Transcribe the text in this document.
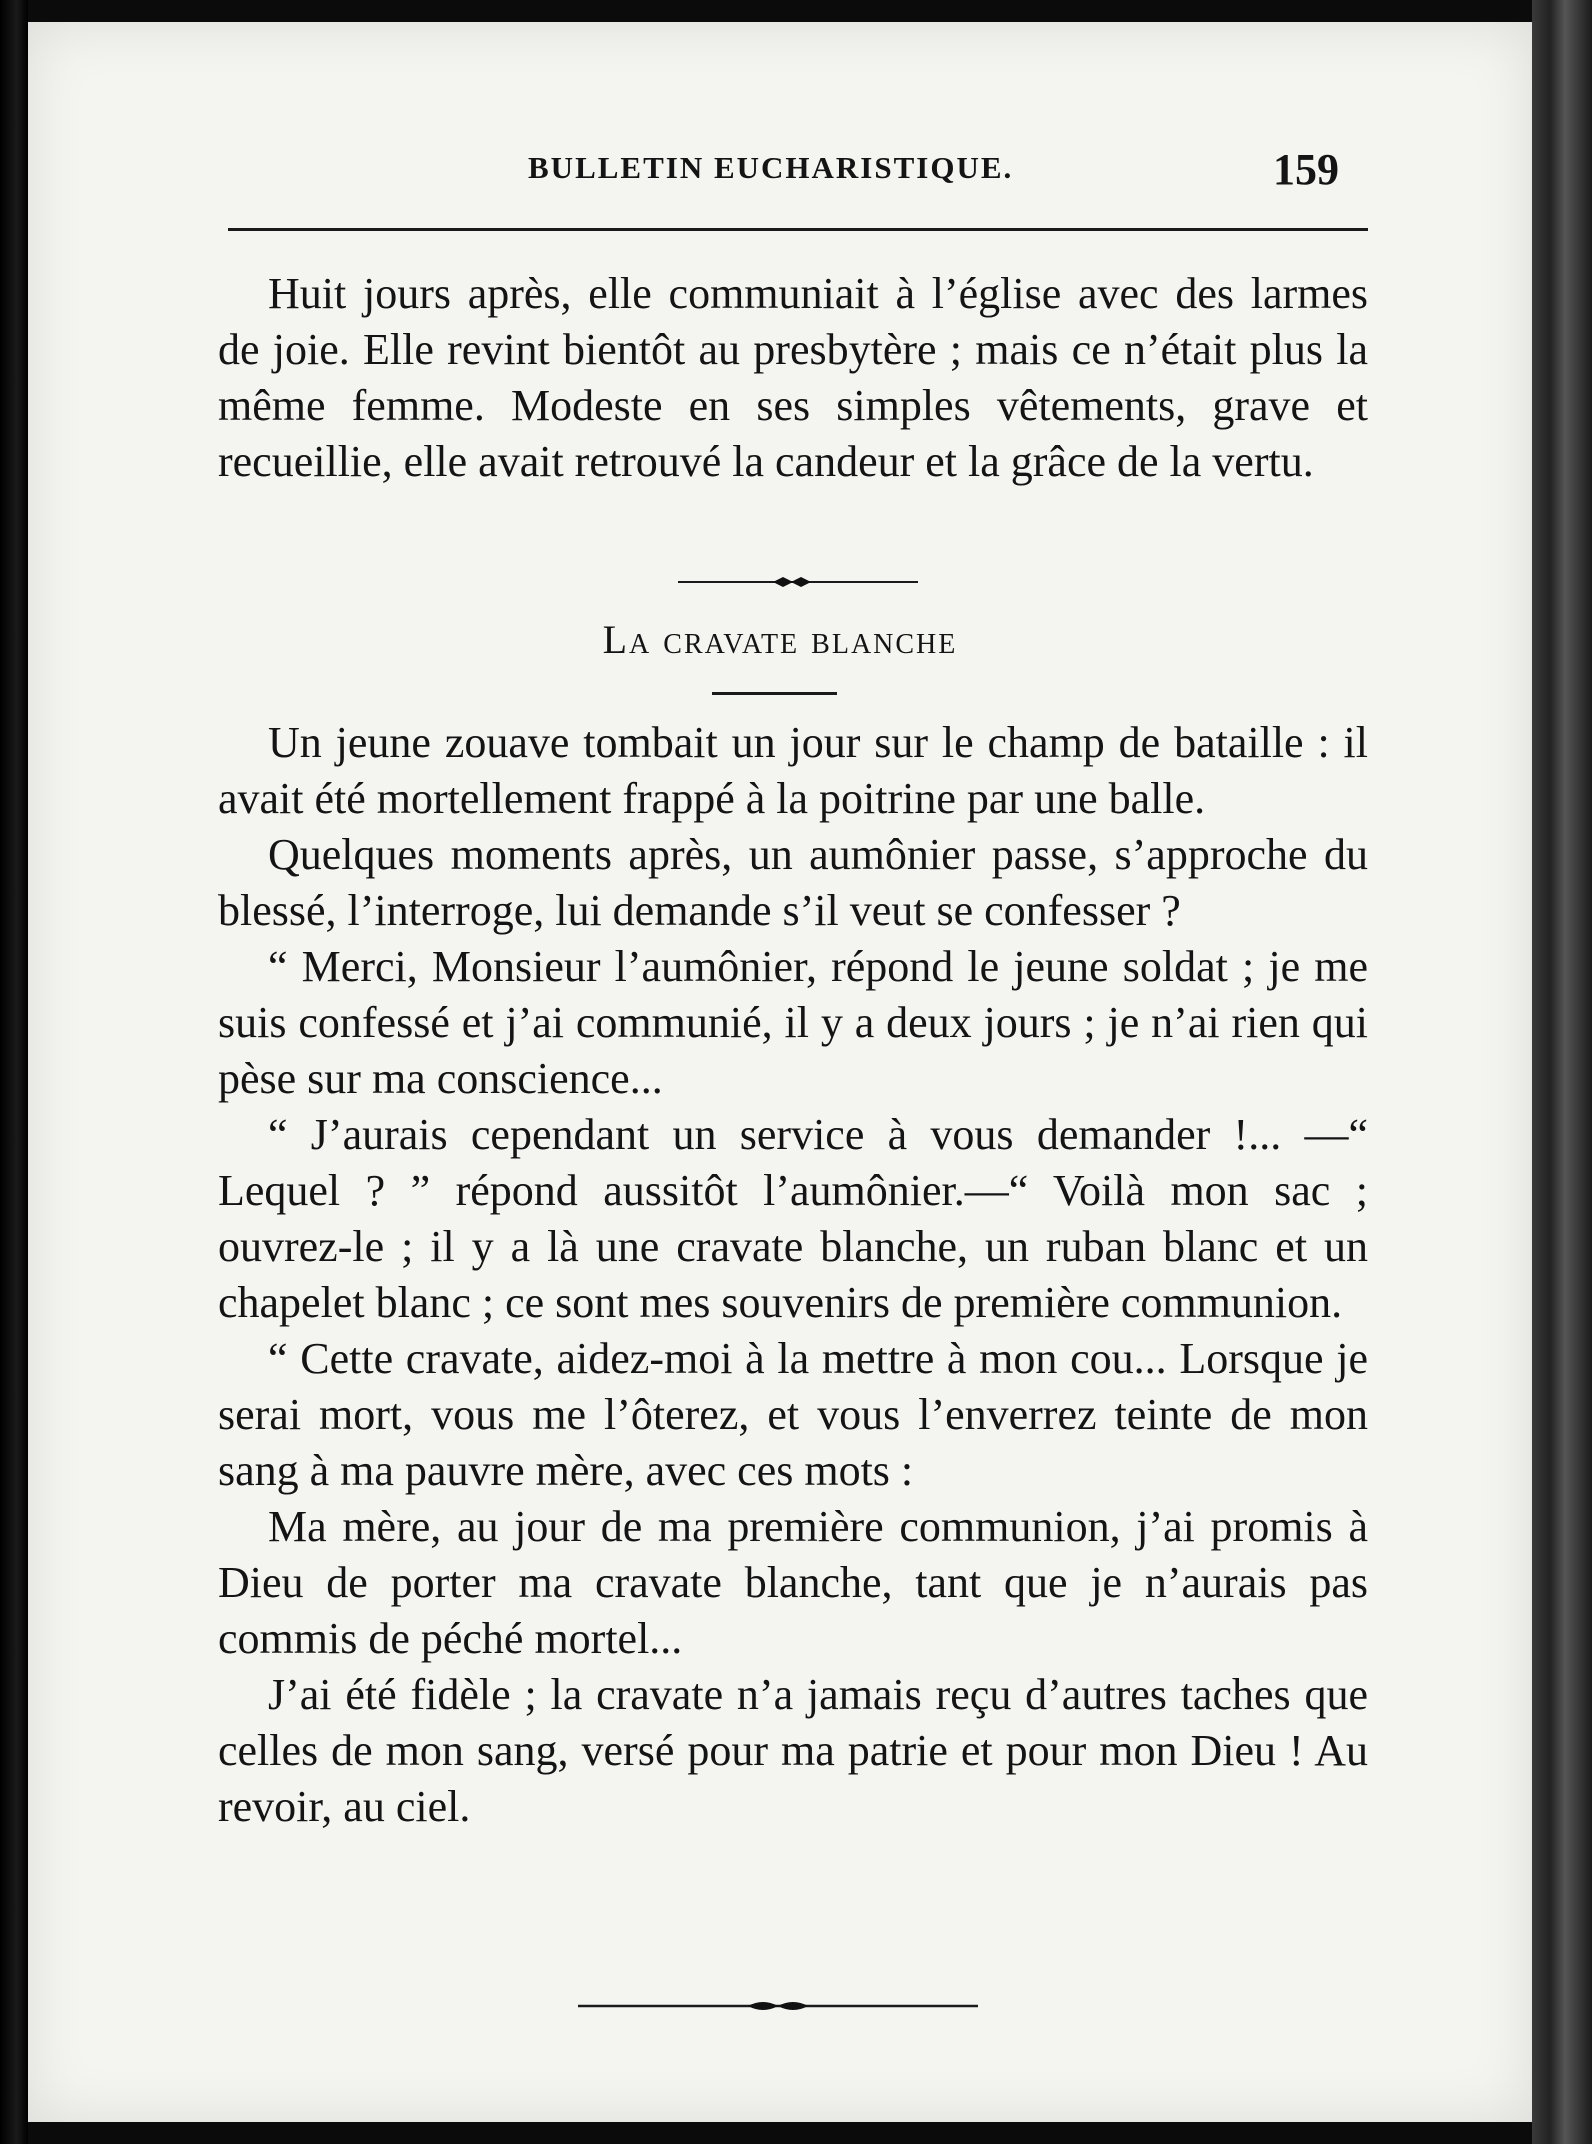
BULLETIN EUCHARISTIQUE.	159

Huit jours après, elle communiait à l’église avec des larmes de joie. Elle revint bientôt au presbytère ; mais ce n’était plus la même femme. Modeste en ses simples vêtements, grave et recueillie, elle avait retrouvé la candeur et la grâce de la vertu.

La cravate blanche

Un jeune zouave tombait un jour sur le champ de bataille : il avait été mortellement frappé à la poitrine par une balle.

Quelques moments après, un aumônier passe, s’approche du blessé, l’interroge, lui demande s’il veut se confesser ?

“ Merci, Monsieur l’aumônier, répond le jeune soldat ; je me suis confessé et j’ai communié, il y a deux jours ; je n’ai rien qui pèse sur ma conscience...

“ J’aurais cependant un service à vous demander !... —“ Lequel ? ” répond aussitôt l’aumônier.—“ Voilà mon sac ; ouvrez-le ; il y a là une cravate blanche, un ruban blanc et un chapelet blanc ; ce sont mes souvenirs de première communion.

“ Cette cravate, aidez-moi à la mettre à mon cou... Lorsque je serai mort, vous me l’ôterez, et vous l’enverrez teinte de mon sang à ma pauvre mère, avec ces mots :

Ma mère, au jour de ma première communion, j’ai promis à Dieu de porter ma cravate blanche, tant que je n’aurais pas commis de péché mortel...

J’ai été fidèle ; la cravate n’a jamais reçu d’autres taches que celles de mon sang, versé pour ma patrie et pour mon Dieu ! Au revoir, au ciel.
